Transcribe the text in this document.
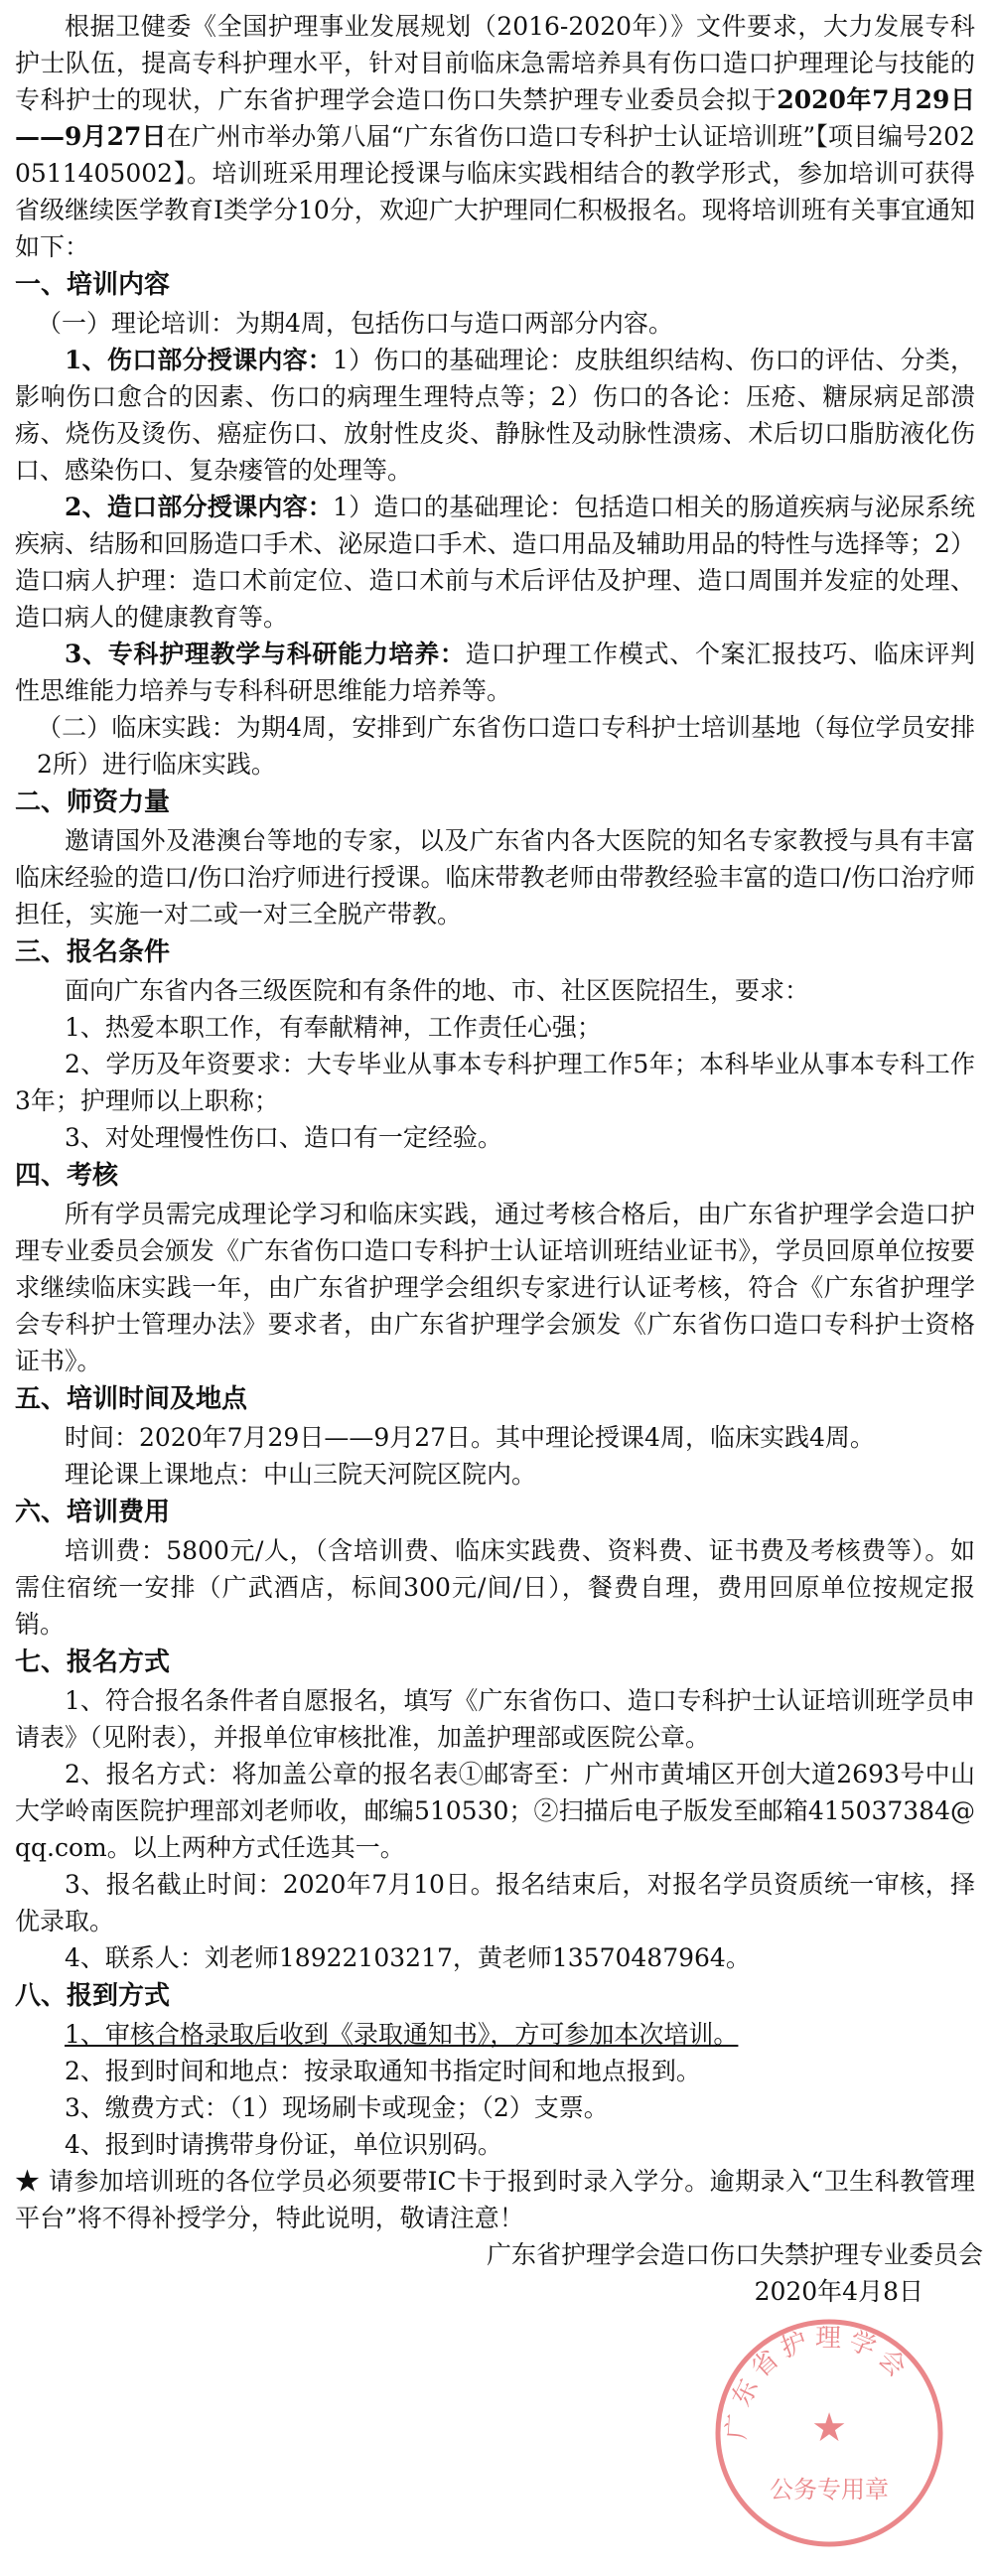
根据卫健委《全国护理事业发展规划（2016-2020年）》文件要求，大力发展专科护士队伍，提高专科护理水平，针对目前临床急需培养具有伤口造口护理理论与技能的专科护士的现状，广东省护理学会造口伤口失禁护理专业委员会拟于2020年7月29日——9月27日在广州市举办第八届“广东省伤口造口专科护士认证培训班”【项目编号2020511405002】。培训班采用理论授课与临床实践相结合的教学形式，参加培训可获得省级继续医学教育Ⅰ类学分10分，欢迎广大护理同仁积极报名。现将培训班有关事宜通知如下：

一、培训内容

（一）理论培训：为期4周，包括伤口与造口两部分内容。

1、伤口部分授课内容：1）伤口的基础理论：皮肤组织结构、伤口的评估、分类，影响伤口愈合的因素、伤口的病理生理特点等；2）伤口的各论：压疮、糖尿病足部溃疡、烧伤及烫伤、癌症伤口、放射性皮炎、静脉性及动脉性溃疡、术后切口脂肪液化伤口、感染伤口、复杂瘘管的处理等。

2、造口部分授课内容：1）造口的基础理论：包括造口相关的肠道疾病与泌尿系统疾病、结肠和回肠造口手术、泌尿造口手术、造口用品及辅助用品的特性与选择等；2）造口病人护理：造口术前定位、造口术前与术后评估及护理、造口周围并发症的处理、造口病人的健康教育等。

3、专科护理教学与科研能力培养：造口护理工作模式、个案汇报技巧、临床评判性思维能力培养与专科科研思维能力培养等。

（二）临床实践：为期4周，安排到广东省伤口造口专科护士培训基地（每位学员安排2所）进行临床实践。

二、师资力量

邀请国外及港澳台等地的专家，以及广东省内各大医院的知名专家教授与具有丰富临床经验的造口/伤口治疗师进行授课。临床带教老师由带教经验丰富的造口/伤口治疗师担任，实施一对二或一对三全脱产带教。

三、报名条件

面向广东省内各三级医院和有条件的地、市、社区医院招生，要求：

1、热爱本职工作，有奉献精神，工作责任心强；

2、学历及年资要求：大专毕业从事本专科护理工作5年；本科毕业从事本专科工作3年；护理师以上职称；

3、对处理慢性伤口、造口有一定经验。

四、考核

所有学员需完成理论学习和临床实践，通过考核合格后，由广东省护理学会造口护理专业委员会颁发《广东省伤口造口专科护士认证培训班结业证书》，学员回原单位按要求继续临床实践一年，由广东省护理学会组织专家进行认证考核，符合《广东省护理学会专科护士管理办法》要求者，由广东省护理学会颁发《广东省伤口造口专科护士资格证书》。

五、培训时间及地点

时间：2020年7月29日——9月27日。其中理论授课4周，临床实践4周。

理论课上课地点：中山三院天河院区院内。

六、培训费用

培训费：5800元/人，（含培训费、临床实践费、资料费、证书费及考核费等）。如需住宿统一安排（广武酒店，标间300元/间/日），餐费自理，费用回原单位按规定报销。

七、报名方式

1、符合报名条件者自愿报名，填写《广东省伤口、造口专科护士认证培训班学员申请表》（见附表），并报单位审核批准，加盖护理部或医院公章。

2、报名方式：将加盖公章的报名表①邮寄至：广州市黄埔区开创大道2693号中山大学岭南医院护理部刘老师收，邮编510530；②扫描后电子版发至邮箱415037384@qq.com。以上两种方式任选其一。

3、报名截止时间：2020年7月10日。报名结束后，对报名学员资质统一审核，择优录取。

4、联系人：刘老师18922103217，黄老师13570487964。

八、报到方式

1、审核合格录取后收到《录取通知书》，方可参加本次培训。

2、报到时间和地点：按录取通知书指定时间和地点报到。

3、缴费方式：（1）现场刷卡或现金；（2）支票。

4、报到时请携带身份证，单位识别码。

★ 请参加培训班的各位学员必须要带IC卡于报到时录入学分。逾期录入“卫生科教管理平台”将不得补授学分，特此说明，敬请注意！

广东省护理学会造口伤口失禁护理专业委员会

2020年4月8日

广东省护理学会
★
公务专用章
